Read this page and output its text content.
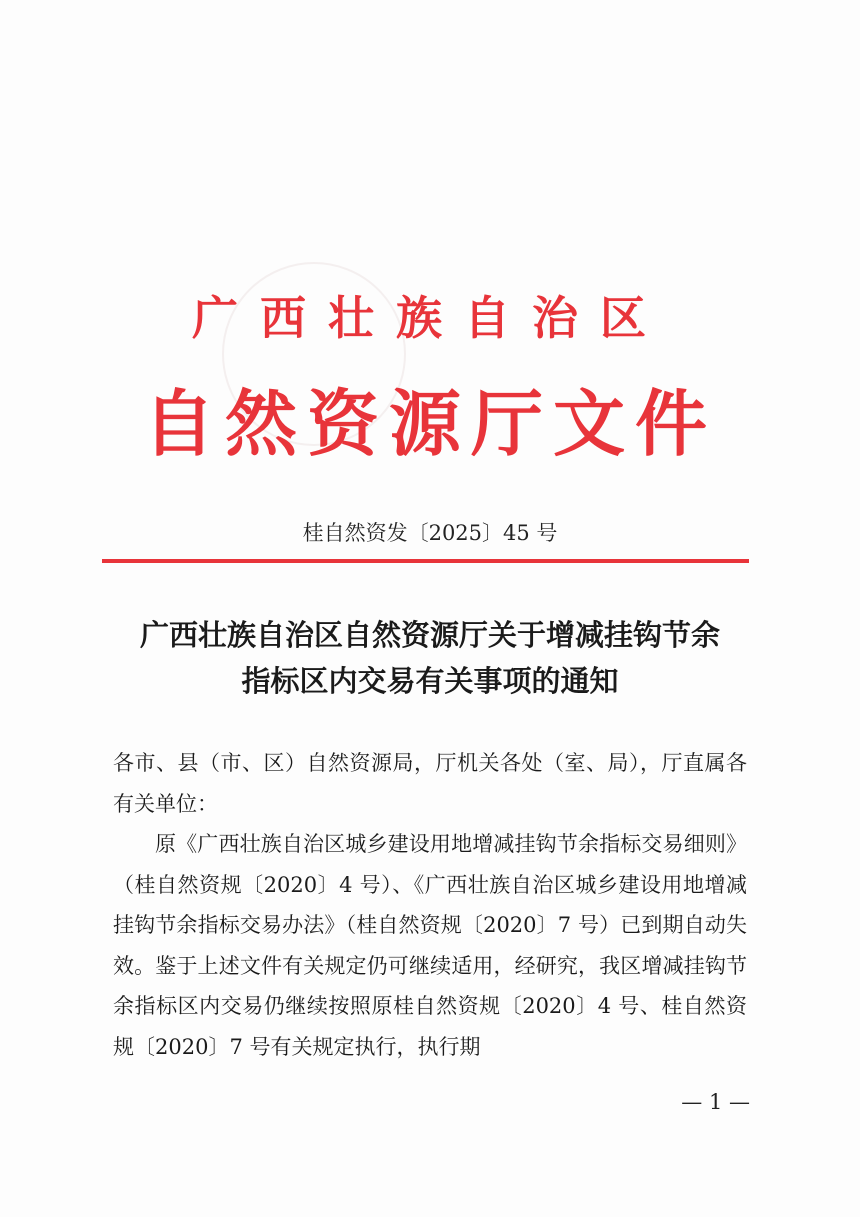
广西壮族自治区
自然资源厅文件
桂自然资发〔2025〕45 号
广西壮族自治区自然资源厅关于增减挂钩节余
指标区内交易有关事项的通知

各市、县（市、区）自然资源局，厅机关各处（室、局），厅直属各有关单位：

原《广西壮族自治区城乡建设用地增减挂钩节余指标交易细则》（桂自然资规〔2020〕4 号）、《广西壮族自治区城乡建设用地增减挂钩节余指标交易办法》（桂自然资规〔2020〕7 号）已到期自动失效。鉴于上述文件有关规定仍可继续适用，经研究，我区增减挂钩节余指标区内交易仍继续按照原桂自然资规〔2020〕4 号、桂自然资规〔2020〕7 号有关规定执行，执行期

— 1 —
